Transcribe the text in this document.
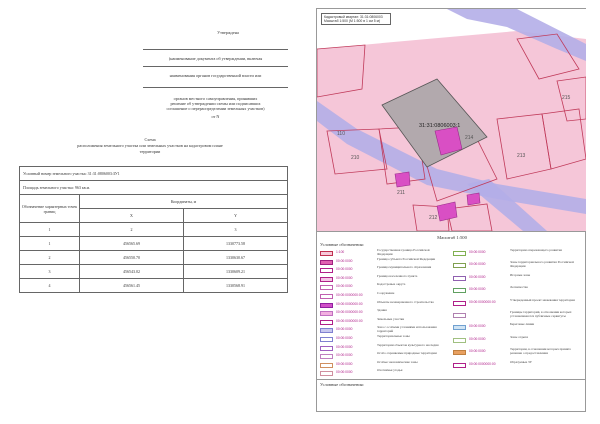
Утверждена
(наименование документа об утверждении, включая
наименования органов государственной власти или
органов местного самоуправления, принявших
решение об утверждении схемы или подписавших
соглашение о перераспределении земельных участков)
от N
Схема
расположения земельного участка или земельных участков на кадастровом плане
территории
Условный номер земельного участка: 31:31:0806003:ЗУ1		
Площадь земельного участка: 963 кв.м.		
Обозначение характерных точек границ	Координаты, м	
	X	Y
1	2	3
1	456565.69	1330773.58
2	456550.70	1330630.67
3	456543.02	1330609.21
4	456561.45	1330568.91
31:31:0806003:1
110
210
211
212
213
214
215
Кадастровый квартал: 31:31:0806003
Масштаб 1:500 (М 1:500 в 1 см 5 м)
Масштаб 1:500
Условные обозначения:
1:100	Государственная граница Российской Федерации
00:00:0000	Граница субъекта Российской Федерации
00:00:0000	Граница муниципального образования
00:00:0000	Граница населенного пункта
00:00:0000	Кадастровые округа
00:00:0000000:00	Сооружение
00:00:0000000:00	Объекты незавершенного строительства
00:00:0000000:00	Здания
00:00:0000000:00	Земельные участки
00:00:0000	Зона с особыми условиями использования территорий
00:00:0000	Территориальные зоны
00:00:0000	Территории объектов культурного наследия
00:00:0000	Особо охраняемые природные территории
00:00:0000	Особые экономические зоны
00:00:0000	Охотничьи угодья
00:00:0000	Территории опережающего развития
00:00:0000	Зоны территориального развития Российской Федерации
00:00:0000	Игорные зоны
00:00:0000	Лесничества
00:00:0000000:00	Утвержденный проект межевания территории
Границы территорий, в отношении которых устанавливаются публичные сервитуты
00:00:0000	Береговые линии
00:00:0000	Зоны отдыха
00:00:0000	Территории, в отношении которых принято решение о предоставлении
00:00:0000000:00	Образуемые ЗУ
Условные обозначения:
